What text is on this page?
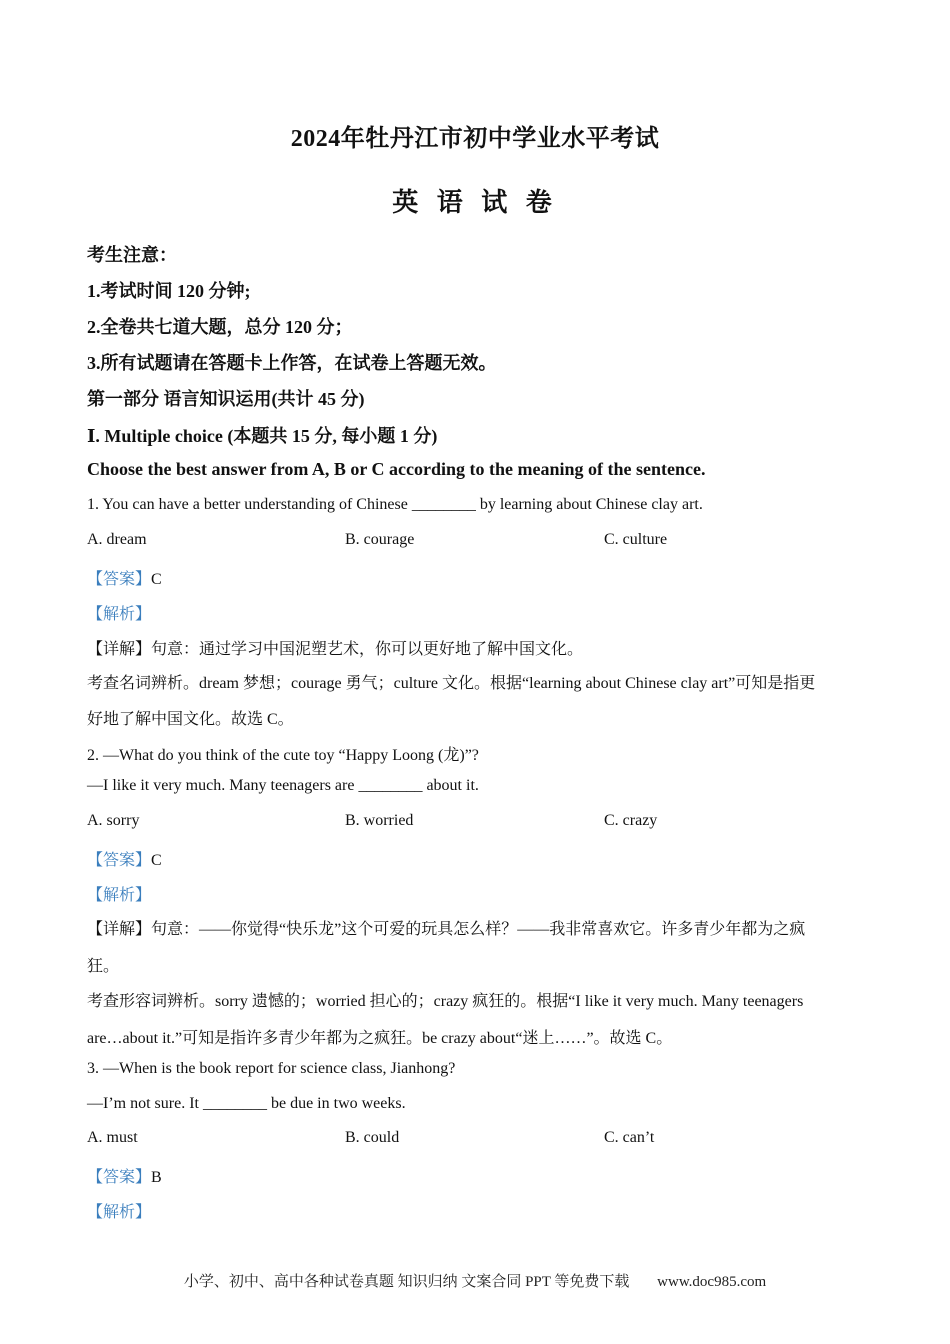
2024年牡丹江市初中学业水平考试
英 语 试 卷
考生注意：
1.考试时间 120 分钟;
2.全卷共七道大题，总分 120 分；
3.所有试题请在答题卡上作答，在试卷上答题无效。
第一部分 语言知识运用(共计 45 分)
Ⅰ. Multiple choice (本题共 15 分, 每小题 1 分)
Choose the best answer from A, B or C according to the meaning of the sentence.
1. You can have a better understanding of Chinese ________ by learning about Chinese clay art.
A. dream	B. courage	C. culture
【答案】C
【解析】
【详解】句意：通过学习中国泥塑艺术，你可以更好地了解中国文化。
考查名词辨析。dream 梦想；courage 勇气；culture 文化。根据“learning about Chinese clay art”可知是指更
好地了解中国文化。故选 C。
2. —What do you think of the cute toy “Happy Loong (龙)”?
—I like it very much. Many teenagers are ________ about it.
A. sorry	B. worried	C. crazy
【答案】C
【解析】
【详解】句意：——你觉得“快乐龙”这个可爱的玩具怎么样？——我非常喜欢它。许多青少年都为之疯
狂。
考查形容词辨析。sorry 遗憾的；worried 担心的；crazy 疯狂的。根据“I like it very much. Many teenagers
are…about it.”可知是指许多青少年都为之疯狂。be crazy about“迷上……”。故选 C。
3. —When is the book report for science class, Jianhong?
—I’m not sure. It ________ be due in two weeks.
A. must	B. could	C. can’t
【答案】B
【解析】
小学、初中、高中各种试卷真题 知识归纳 文案合同 PPT 等免费下载 www.doc985.com
